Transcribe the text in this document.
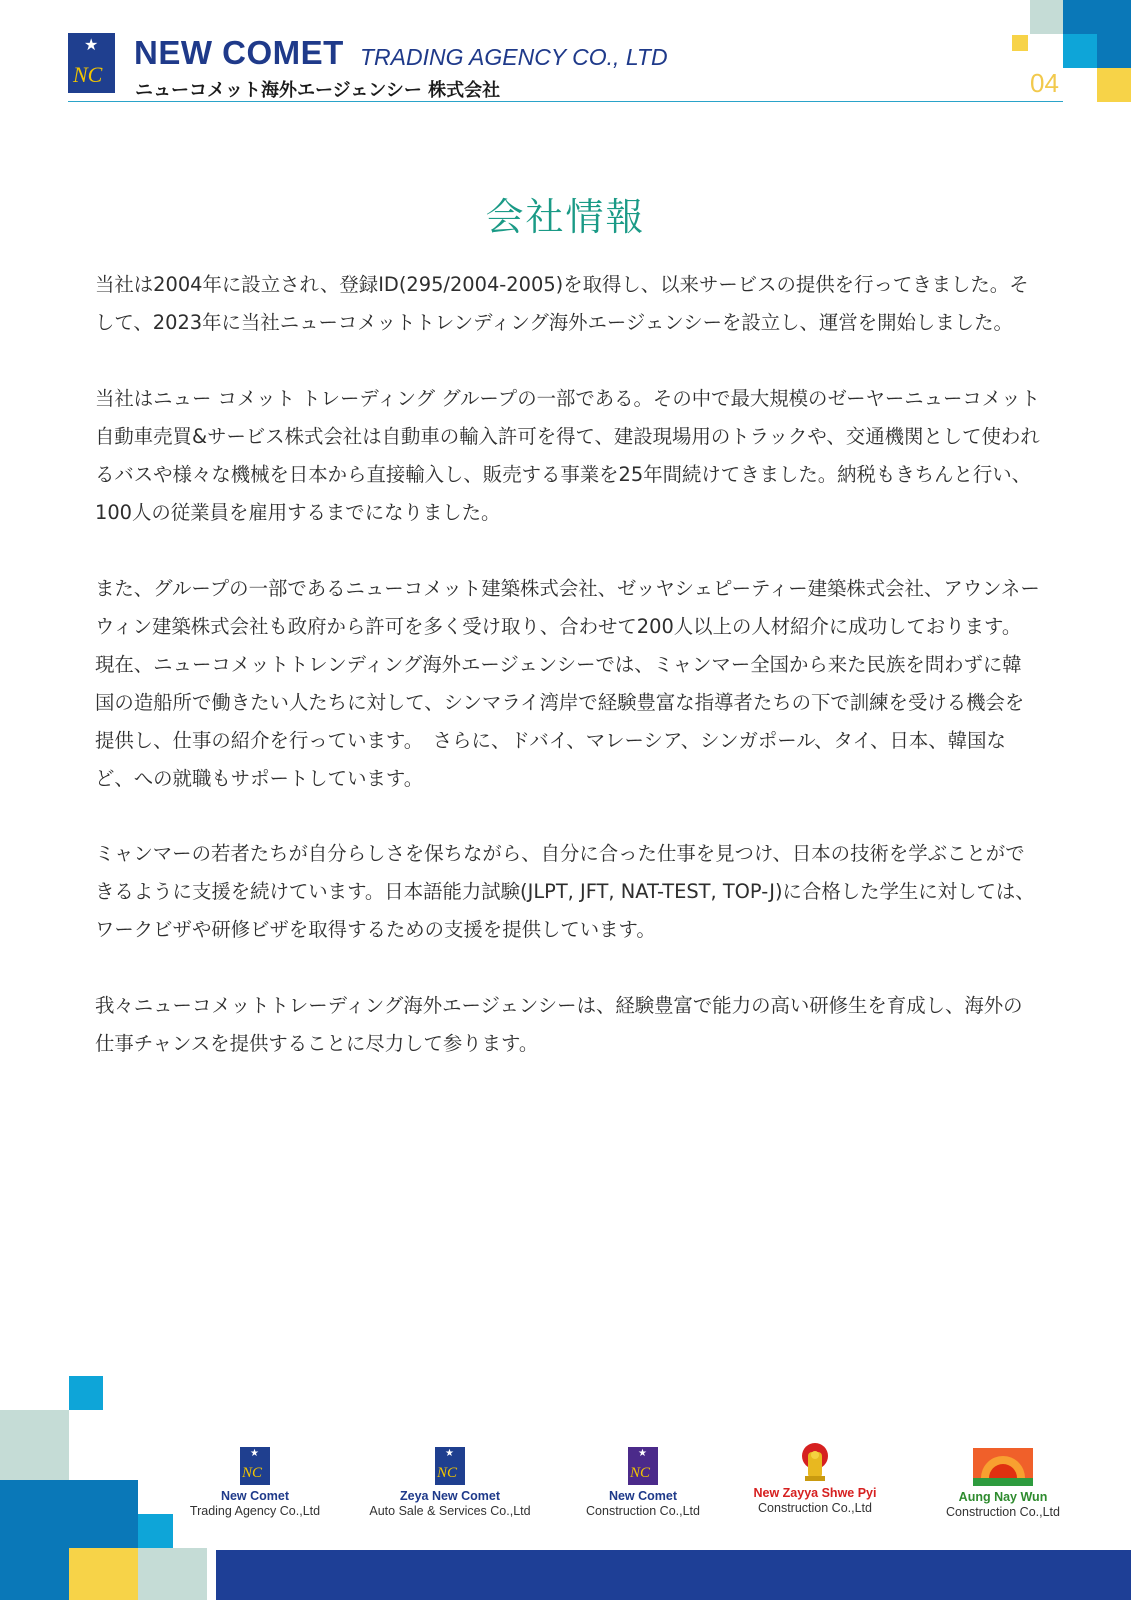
★
NC
NEW COMET TRADING AGENCY CO., LTD
ニューコメット海外エージェンシー 株式会社	04
会社情報

当社は2004年に設立され、登録ID(295/2004-2005)を取得し、以来サービスの提供を行ってきました。そして、2023年に当社ニューコメットトレンディング海外エージェンシーを設立し、運営を開始しました。

当社はニュー コメット トレーディング グループの一部である。その中で最大規模のゼーヤーニューコメット自動車売買&サービス株式会社は自動車の輸入許可を得て、建設現場用のトラックや、交通機関として使われるバスや様々な機械を日本から直接輸入し、販売する事業を25年間続けてきました。納税もきちんと行い、100人の従業員を雇用するまでになりました。

また、グループの一部であるニューコメット建築株式会社、ゼッヤシェピーティー建築株式会社、アウンネーウィン建築株式会社も政府から許可を多く受け取り、合わせて200人以上の人材紹介に成功しております。現在、ニューコメットトレンディング海外エージェンシーでは、ミャンマー全国から来た民族を問わずに韓国の造船所で働きたい人たちに対して、シンマライ湾岸で経験豊富な指導者たちの下で訓練を受ける機会を提供し、仕事の紹介を行っています。　さらに、ドバイ、マレーシア、シンガポール、タイ、日本、韓国など、への就職もサポートしています。

ミャンマーの若者たちが自分らしさを保ちながら、自分に合った仕事を見つけ、日本の技術を学ぶことができるように支援を続けています。日本語能力試験(JLPT, JFT, NAT-TEST, TOP-J)に合格した学生に対しては、ワークビザや研修ビザを取得するための支援を提供しています。

我々ニューコメットトレーディング海外エージェンシーは、経験豊富で能力の高い研修生を育成し、海外の仕事チャンスを提供することに尽力して参ります。

★
NC
New Comet
Trading Agency Co.,Ltd
★
NC
Zeya New Comet
Auto Sale & Services Co.,Ltd
★
NC
New Comet
Construction Co.,Ltd
New Zayya Shwe Pyi
Construction Co.,Ltd
Aung Nay Wun
Construction Co.,Ltd
